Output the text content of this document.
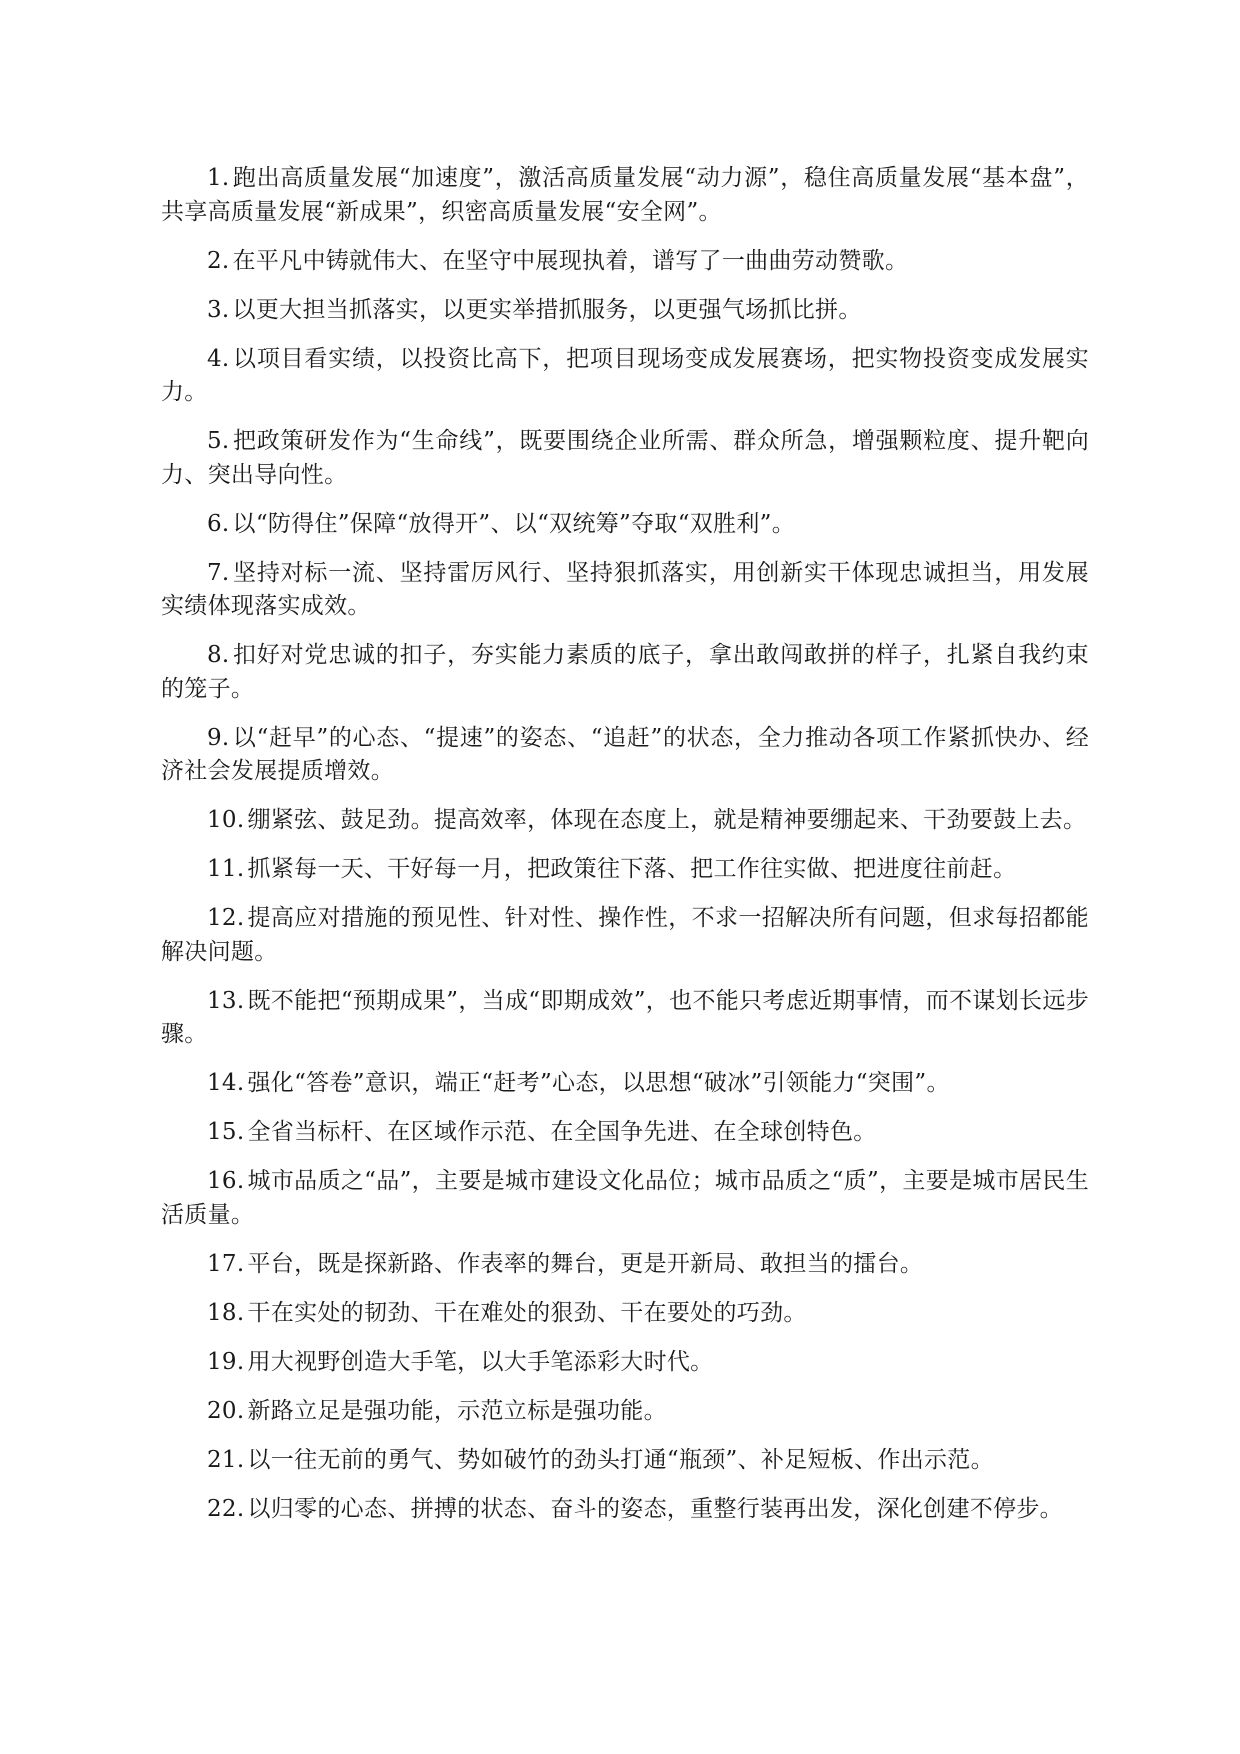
1. 跑出高质量发展“加速度”，激活高质量发展“动力源”，稳住高质量发展“基本盘”，共享高质量发展“新成果”，织密高质量发展“安全网”。

2. 在平凡中铸就伟大、在坚守中展现执着，谱写了一曲曲劳动赞歌。

3. 以更大担当抓落实，以更实举措抓服务，以更强气场抓比拼。

4. 以项目看实绩，以投资比高下，把项目现场变成发展赛场，把实物投资变成发展实力。

5. 把政策研发作为“生命线”，既要围绕企业所需、群众所急，增强颗粒度、提升靶向力、突出导向性。

6. 以“防得住”保障“放得开”、以“双统筹”夺取“双胜利”。

7. 坚持对标一流、坚持雷厉风行、坚持狠抓落实，用创新实干体现忠诚担当，用发展实绩体现落实成效。

8. 扣好对党忠诚的扣子，夯实能力素质的底子，拿出敢闯敢拼的样子，扎紧自我约束的笼子。

9. 以“赶早”的心态、“提速”的姿态、“追赶”的状态，全力推动各项工作紧抓快办、经济社会发展提质增效。

10. 绷紧弦、鼓足劲。提高效率，体现在态度上，就是精神要绷起来、干劲要鼓上去。

11. 抓紧每一天、干好每一月，把政策往下落、把工作往实做、把进度往前赶。

12. 提高应对措施的预见性、针对性、操作性，不求一招解决所有问题，但求每招都能解决问题。

13. 既不能把“预期成果”，当成“即期成效”，也不能只考虑近期事情，而不谋划长远步骤。

14. 强化“答卷”意识，端正“赶考”心态，以思想“破冰”引领能力“突围”。

15. 全省当标杆、在区域作示范、在全国争先进、在全球创特色。

16. 城市品质之“品”，主要是城市建设文化品位；城市品质之“质”，主要是城市居民生活质量。

17. 平台，既是探新路、作表率的舞台，更是开新局、敢担当的擂台。

18. 干在实处的韧劲、干在难处的狠劲、干在要处的巧劲。

19. 用大视野创造大手笔，以大手笔添彩大时代。

20. 新路立足是强功能，示范立标是强功能。

21. 以一往无前的勇气、势如破竹的劲头打通“瓶颈”、补足短板、作出示范。

22. 以归零的心态、拼搏的状态、奋斗的姿态，重整行装再出发，深化创建不停步。
